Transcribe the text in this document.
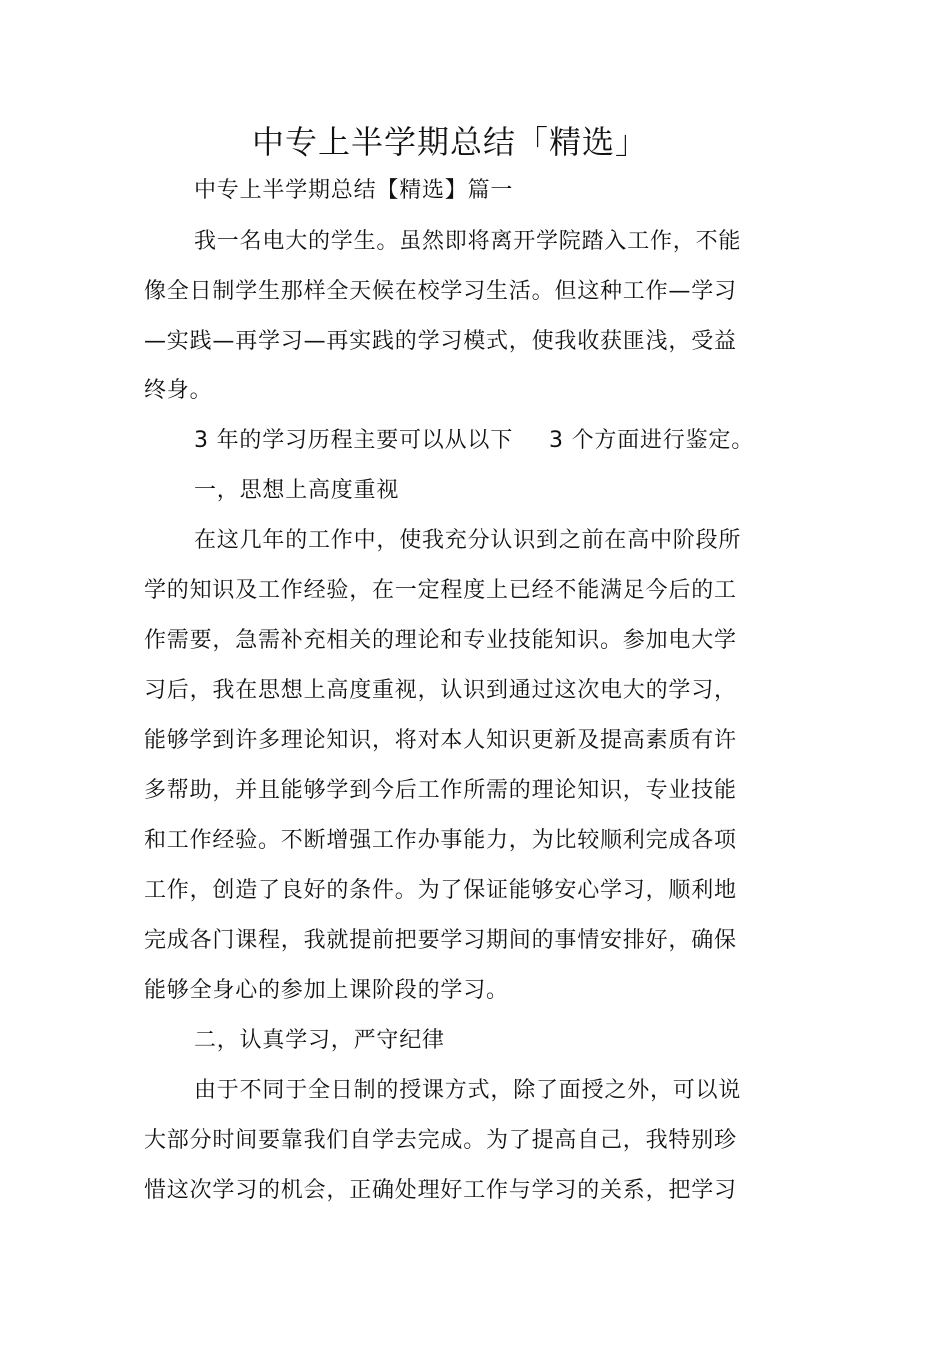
中专上半学期总结「精选」
中专上半学期总结【精选】篇一
我一名电大的学生。虽然即将离开学院踏入工作，不能
像全日制学生那样全天候在校学习生活。但这种工作—学习
—实践—再学习—再实践的学习模式，使我收获匪浅，受益
终身。
3 年的学习历程主要可以从以下 3 个方面进行鉴定。
一，思想上高度重视
在这几年的工作中，使我充分认识到之前在高中阶段所
学的知识及工作经验，在一定程度上已经不能满足今后的工
作需要，急需补充相关的理论和专业技能知识。参加电大学
习后，我在思想上高度重视，认识到通过这次电大的学习，
能够学到许多理论知识，将对本人知识更新及提高素质有许
多帮助，并且能够学到今后工作所需的理论知识，专业技能
和工作经验。不断增强工作办事能力，为比较顺利完成各项
工作，创造了良好的条件。为了保证能够安心学习，顺利地
完成各门课程，我就提前把要学习期间的事情安排好，确保
能够全身心的参加上课阶段的学习。
二，认真学习，严守纪律
由于不同于全日制的授课方式，除了面授之外，可以说
大部分时间要靠我们自学去完成。为了提高自己，我特别珍
惜这次学习的机会，正确处理好工作与学习的关系，把学习
